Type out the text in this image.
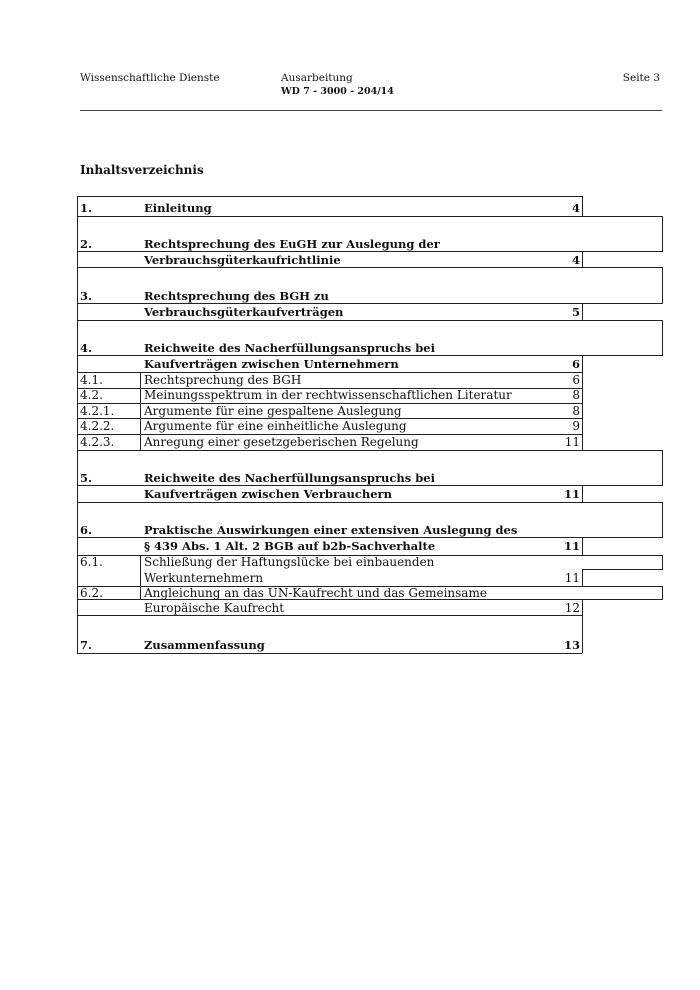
Wissenschaftliche Dienste	Ausarbeitung
WD 7 - 3000 - 204/14
Seite 3
Inhaltsverzeichnis
1.	Einleitung	4
2.	Rechtsprechung des EuGH zur Auslegung der
Verbrauchsgüterkaufrichtlinie	4
3.	Rechtsprechung des BGH zu
Verbrauchsgüterkaufverträgen	5
4.	Reichweite des Nacherfüllungsanspruchs bei
Kaufverträgen zwischen Unternehmern	6
4.1.	Rechtsprechung des BGH	6
4.2.	Meinungsspektrum in der rechtwissenschaftlichen Literatur	8
4.2.1. Argumente für eine gespaltene Auslegung	8
4.2.2. Argumente für eine einheitliche Auslegung	9
4.2.3. Anregung einer gesetzgeberischen Regelung	11
5.	Reichweite des Nacherfüllungsanspruchs bei
Kaufverträgen zwischen Verbrauchern	11
6.	Praktische Auswirkungen einer extensiven Auslegung des
§ 439 Abs. 1 Alt. 2 BGB auf b2b-Sachverhalte	11
6.1.	Schließung der Haftungslücke bei einbauenden
Werkunternehmern	11
6.2.	Angleichung an das UN-Kaufrecht und das Gemeinsame
Europäische Kaufrecht	12
7.	Zusammenfassung	13
